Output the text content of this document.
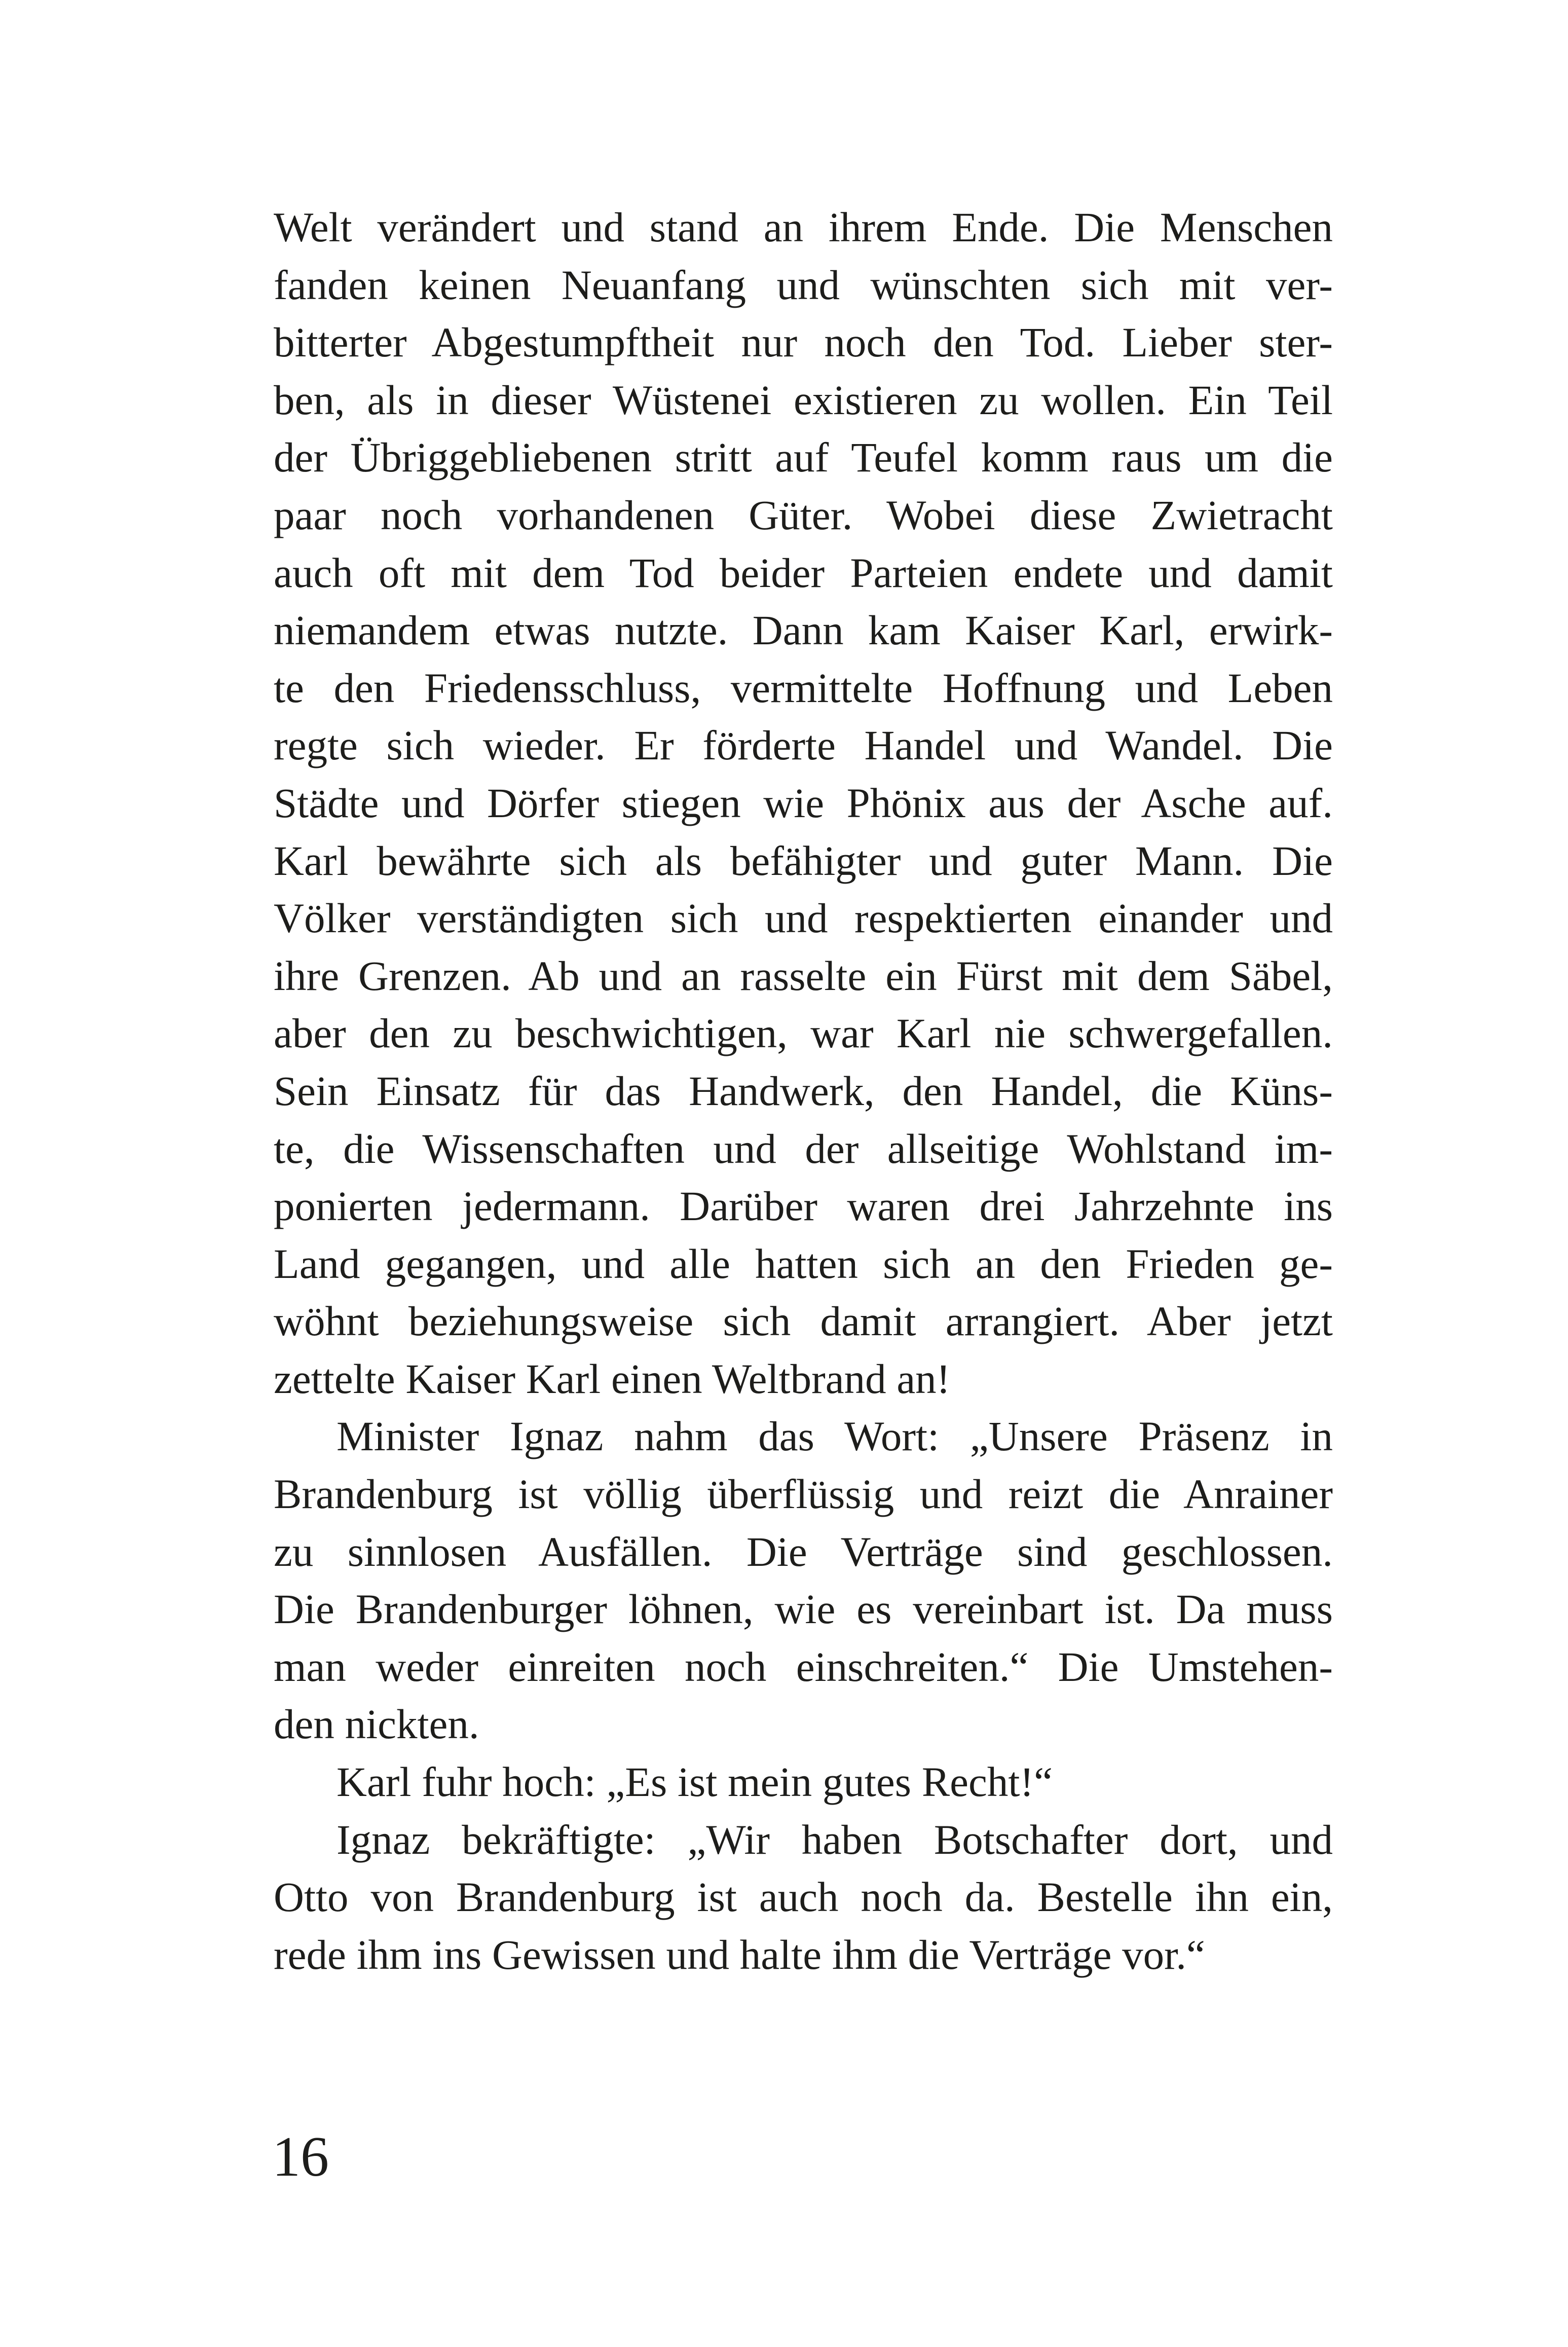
Welt verändert und stand an ihrem Ende. Die Menschen
fanden keinen Neuanfang und wünschten sich mit ver-
bitterter Abgestumpftheit nur noch den Tod. Lieber ster-
ben, als in dieser Wüstenei existieren zu wollen. Ein Teil
der Übriggebliebenen stritt auf Teufel komm raus um die
paar noch vorhandenen Güter. Wobei diese Zwietracht
auch oft mit dem Tod beider Parteien endete und damit
niemandem etwas nutzte. Dann kam Kaiser Karl, erwirk-
te den Friedensschluss, vermittelte Hoffnung und Leben
regte sich wieder. Er förderte Handel und Wandel. Die
Städte und Dörfer stiegen wie Phönix aus der Asche auf.
Karl bewährte sich als befähigter und guter Mann. Die
Völker verständigten sich und respektierten einander und
ihre Grenzen. Ab und an rasselte ein Fürst mit dem Säbel,
aber den zu beschwichtigen, war Karl nie schwergefallen.
Sein Einsatz für das Handwerk, den Handel, die Küns-
te, die Wissenschaften und der allseitige Wohlstand im-
ponierten jedermann. Darüber waren drei Jahrzehnte ins
Land gegangen, und alle hatten sich an den Frieden ge-
wöhnt beziehungsweise sich damit arrangiert. Aber jetzt
zettelte Kaiser Karl einen Weltbrand an!
Minister Ignaz nahm das Wort: „Unsere Präsenz in
Brandenburg ist völlig überflüssig und reizt die Anrainer
zu sinnlosen Ausfällen. Die Verträge sind geschlossen.
Die Brandenburger löhnen, wie es vereinbart ist. Da muss
man weder einreiten noch einschreiten.“ Die Umstehen-
den nickten.
Karl fuhr hoch: „Es ist mein gutes Recht!“
Ignaz bekräftigte: „Wir haben Botschafter dort, und
Otto von Brandenburg ist auch noch da. Bestelle ihn ein,
rede ihm ins Gewissen und halte ihm die Verträge vor.“
16
